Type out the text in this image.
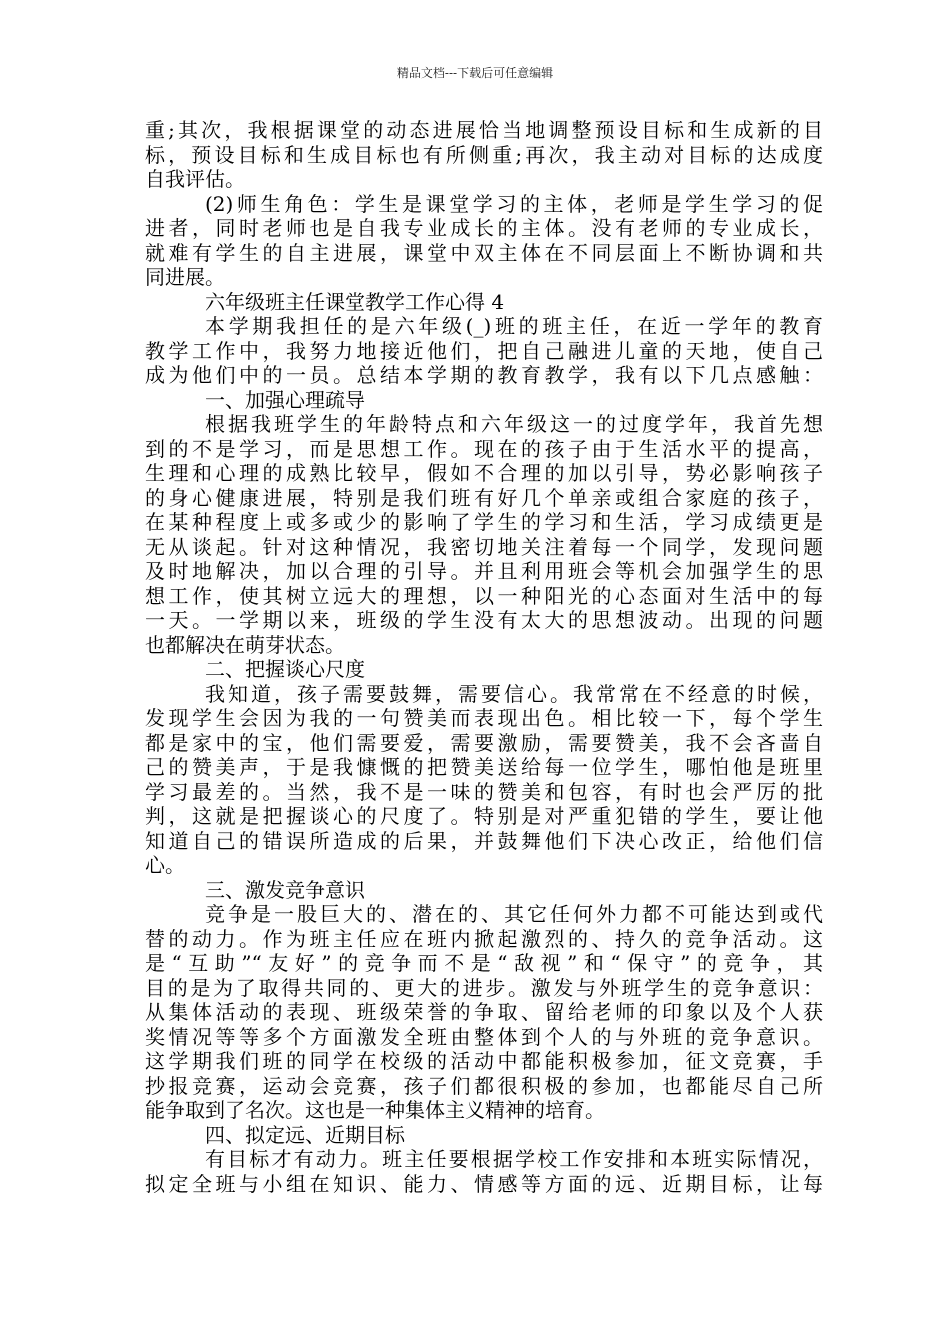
精品文档---下载后可任意编辑
重;其次，我根据课堂的动态进展恰当地调整预设目标和生成新的目
标，预设目标和生成目标也有所侧重;再次，我主动对目标的达成度
自我评估。
(2)师生角色：学生是课堂学习的主体，老师是学生学习的促
进者，同时老师也是自我专业成长的主体。没有老师的专业成长，
就难有学生的自主进展，课堂中双主体在不同层面上不断协调和共
同进展。
六年级班主任课堂教学工作心得 4
本学期我担任的是六年级(_)班的班主任，在近一学年的教育
教学工作中，我努力地接近他们，把自己融进儿童的天地，使自己
成为他们中的一员。总结本学期的教育教学，我有以下几点感触：
一、加强心理疏导
根据我班学生的年龄特点和六年级这一的过度学年，我首先想
到的不是学习，而是思想工作。现在的孩子由于生活水平的提高，
生理和心理的成熟比较早，假如不合理的加以引导，势必影响孩子
的身心健康进展，特别是我们班有好几个单亲或组合家庭的孩子，
在某种程度上或多或少的影响了学生的学习和生活，学习成绩更是
无从谈起。针对这种情况，我密切地关注着每一个同学，发现问题
及时地解决，加以合理的引导。并且利用班会等机会加强学生的思
想工作，使其树立远大的理想，以一种阳光的心态面对生活中的每
一天。一学期以来，班级的学生没有太大的思想波动。出现的问题
也都解决在萌芽状态。
二、把握谈心尺度
我知道，孩子需要鼓舞，需要信心。我常常在不经意的时候，
发现学生会因为我的一句赞美而表现出色。相比较一下，每个学生
都是家中的宝，他们需要爱，需要激励，需要赞美，我不会吝啬自
己的赞美声，于是我慷慨的把赞美送给每一位学生，哪怕他是班里
学习最差的。当然，我不是一味的赞美和包容，有时也会严厉的批
判，这就是把握谈心的尺度了。特别是对严重犯错的学生，要让他
知道自己的错误所造成的后果，并鼓舞他们下决心改正，给他们信
心。
三、激发竞争意识
竞争是一股巨大的、潜在的、其它任何外力都不可能达到或代
替的动力。作为班主任应在班内掀起激烈的、持久的竞争活动。这
是“互助”“友好”的竞争而不是“敌视”和“保守”的竞争，其
目的是为了取得共同的、更大的进步。激发与外班学生的竞争意识：
从集体活动的表现、班级荣誉的争取、留给老师的印象以及个人获
奖情况等等多个方面激发全班由整体到个人的与外班的竞争意识。
这学期我们班的同学在校级的活动中都能积极参加，征文竞赛，手
抄报竞赛，运动会竞赛，孩子们都很积极的参加，也都能尽自己所
能争取到了名次。这也是一种集体主义精神的培育。
四、拟定远、近期目标
有目标才有动力。班主任要根据学校工作安排和本班实际情况，
拟定全班与小组在知识、能力、情感等方面的远、近期目标，让每
